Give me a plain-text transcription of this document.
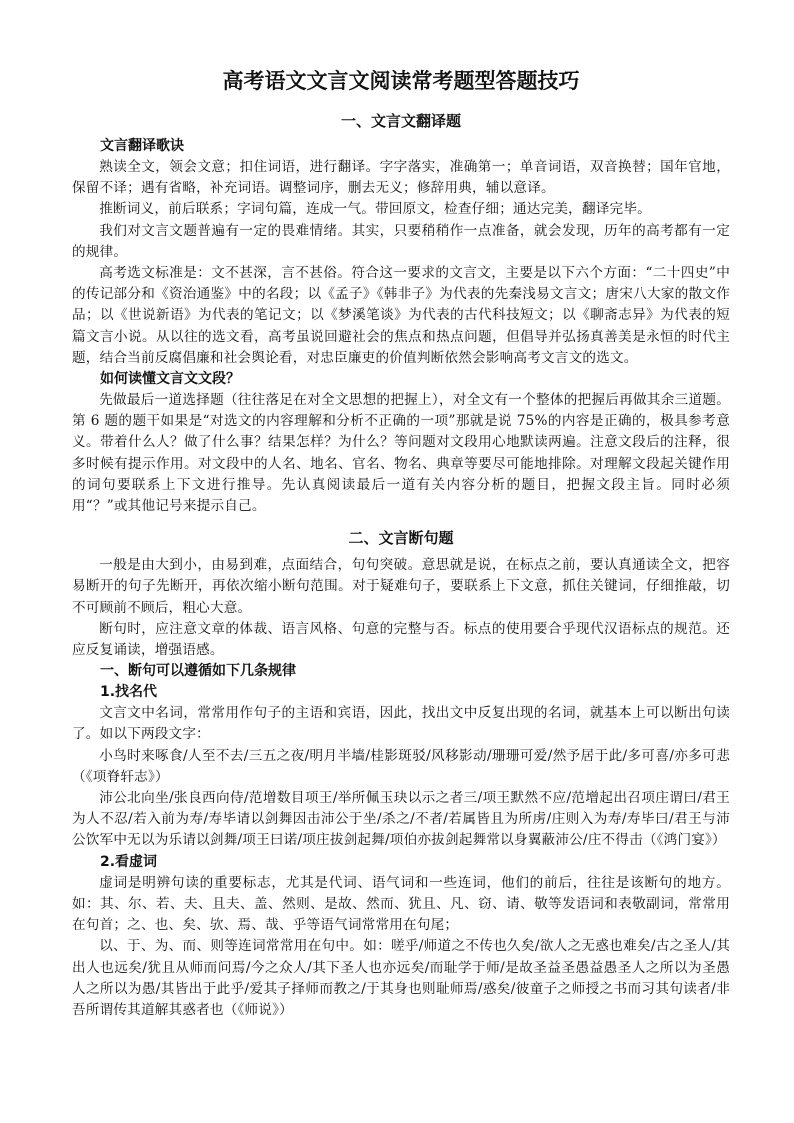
高考语文文言文阅读常考题型答题技巧
一、文言文翻译题
文言翻译歌诀

熟读全文，领会文意；扣住词语，进行翻译。字字落实，准确第一；单音词语，双音换替；国年官地，保留不译；遇有省略，补充词语。调整词序，删去无义；修辞用典，辅以意译。

推断词义，前后联系；字词句篇，连成一气。带回原文，检查仔细；通达完美，翻译完毕。

我们对文言文题普遍有一定的畏难情绪。其实，只要稍稍作一点准备，就会发现，历年的高考都有一定的规律。

高考选文标准是：文不甚深，言不甚俗。符合这一要求的文言文，主要是以下六个方面：“二十四史”中的传记部分和《资治通鉴》中的名段；以《孟子》《韩非子》为代表的先秦浅易文言文；唐宋八大家的散文作品；以《世说新语》为代表的笔记文；以《梦溪笔谈》为代表的古代科技短文；以《聊斋志异》为代表的短篇文言小说。从以往的选文看，高考虽说回避社会的焦点和热点问题，但倡导并弘扬真善美是永恒的时代主题，结合当前反腐倡廉和社会舆论看，对忠臣廉吏的价值判断依然会影响高考文言文的选文。

如何读懂文言文文段？

先做最后一道选择题（往往落足在对全文思想的把握上），对全文有一个整体的把握后再做其余三道题。第 6 题的题干如果是“对选文的内容理解和分析不正确的一项”那就是说 75%的内容是正确的，极具参考意义。带着什么人？做了什么事？结果怎样？为什么？等问题对文段用心地默读两遍。注意文段后的注释，很多时候有提示作用。对文段中的人名、地名、官名、物名、典章等要尽可能地排除。对理解文段起关键作用的词句要联系上下文进行推导。先认真阅读最后一道有关内容分析的题目，把握文段主旨。同时必须用“？”或其他记号来提示自己。

二、文言断句题

一般是由大到小，由易到难，点面结合，句句突破。意思就是说，在标点之前，要认真通读全文，把容易断开的句子先断开，再依次缩小断句范围。对于疑难句子，要联系上下文意，抓住关键词，仔细推敲，切不可顾前不顾后，粗心大意。

断句时，应注意文章的体裁、语言风格、句意的完整与否。标点的使用要合乎现代汉语标点的规范。还应反复诵读，增强语感。

一、断句可以遵循如下几条规律
1.找名代

文言文中名词，常常用作句子的主语和宾语，因此，找出文中反复出现的名词，就基本上可以断出句读了。如以下两段文字：

小鸟时来啄食/人至不去/三五之夜/明月半墙/桂影斑驳/风移影动/珊珊可爱/然予居于此/多可喜/亦多可悲（《项脊轩志》）

沛公北向坐/张良西向侍/范增数目项王/举所佩玉玦以示之者三/项王默然不应/范增起出召项庄谓曰/君王为人不忍/若入前为寿/寿毕请以剑舞因击沛公于坐/杀之/不者/若属皆且为所虏/庄则入为寿/寿毕曰/君王与沛公饮军中无以为乐请以剑舞/项王曰诺/项庄拔剑起舞/项伯亦拔剑起舞常以身翼蔽沛公/庄不得击（《鸿门宴》）

2.看虚词

虚词是明辨句读的重要标志，尤其是代词、语气词和一些连词，他们的前后，往往是该断句的地方。如：其、尔、若、夫、且夫、盖、然则、是故、然而、犹且、凡、窃、请、敬等发语词和表敬副词，常常用在句首；之、也、矣、欤、焉、哉、乎等语气词常常用在句尾；

以、于、为、而、则等连词常常用在句中。如：嗟乎/师道之不传也久矣/欲人之无惑也难矣/古之圣人/其出人也远矣/犹且从师而问焉/今之众人/其下圣人也亦远矣/而耻学于师/是故圣益圣愚益愚圣人之所以为圣愚人之所以为愚/其皆出于此乎/爱其子择师而教之/于其身也则耻师焉/惑矣/彼童子之师授之书而习其句读者/非吾所谓传其道解其惑者也（《师说》）
